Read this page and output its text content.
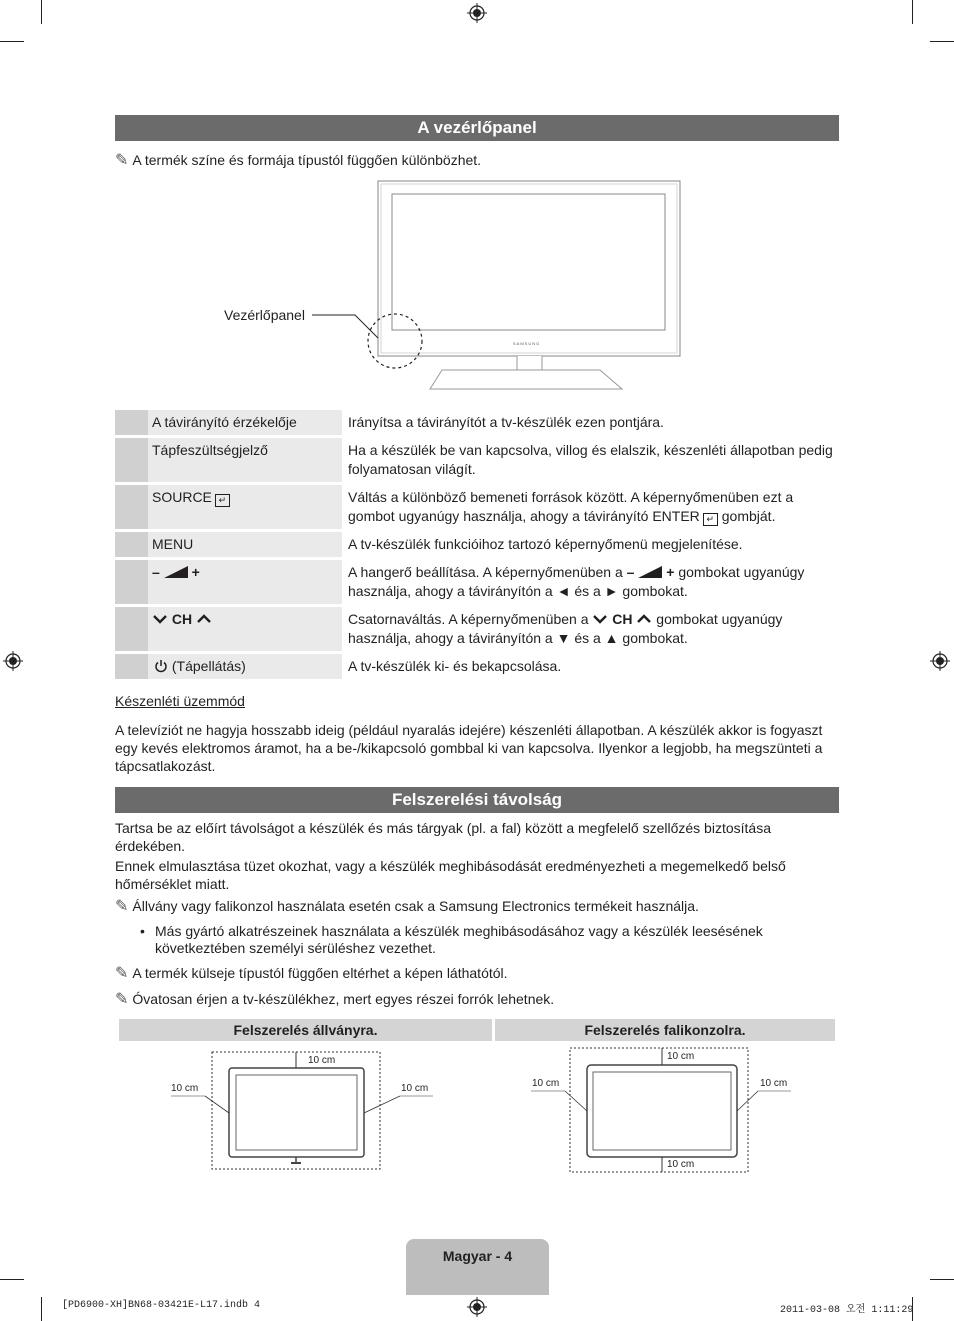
A vezérlőpanel
✎ A termék színe és formája típustól függően különbözhet.
SAMSUNG
Vezérlőpanel
	A távirányító érzékelője	Irányítsa a távirányítót a tv-készülék ezen pontjára.
	Tápfeszültségjelző	Ha a készülék be van kapcsolva, villog és elalszik, készenléti állapotban pedig folyamatosan világít.
	SOURCE ↵	Váltás a különböző bemeneti források között. A képernyőmenüben ezt a gombot ugyanúgy használja, ahogy a távirányító ENTER ↵ gombját.
	MENU	A tv-készülék funkcióihoz tartozó képernyőmenü megjelenítése.
	– +	A hangerő beállítása. A képernyőmenüben a – + gombokat ugyanúgy használja, ahogy a távirányítón a ◄ és a ► gombokat.
	CH	Csatornaváltás. A képernyőmenüben a CH gombokat ugyanúgy használja, ahogy a távirányítón a ▼ és a ▲ gombokat.
	(Tápellátás)	A tv-készülék ki- és bekapcsolása.
Készenléti üzemmód
A televíziót ne hagyja hosszabb ideig (például nyaralás idejére) készenléti állapotban. A készülék akkor is fogyaszt egy kevés elektromos áramot, ha a be-/kikapcsoló gombbal ki van kapcsolva. Ilyenkor a legjobb, ha megszünteti a tápcsatlakozást.
Felszerelési távolság
Tartsa be az előírt távolságot a készülék és más tárgyak (pl. a fal) között a megfelelő szellőzés biztosítása érdekében.
Ennek elmulasztása tüzet okozhat, vagy a készülék meghibásodását eredményezheti a megemelkedő belső hőmérséklet miatt.
✎ Állvány vagy falikonzol használata esetén csak a Samsung Electronics termékeit használja.
• Más gyártó alkatrészeinek használata a készülék meghibásodásához vagy a készülék leesésének következtében személyi sérüléshez vezethet.
✎ A termék külseje típustól függően eltérhet a képen láthatótól.
✎ Óvatosan érjen a tv-készülékhez, mert egyes részei forrók lehetnek.
Felszerelés állványra.	Felszerelés falikonzolra.
10 cm
10 cm	10 cm
10 cm
10 cm
10 cm	10 cm
Magyar - 4
[PD6900-XH]BN68-03421E-L17.indb 4	2011-03-08 오전 1:11:29
